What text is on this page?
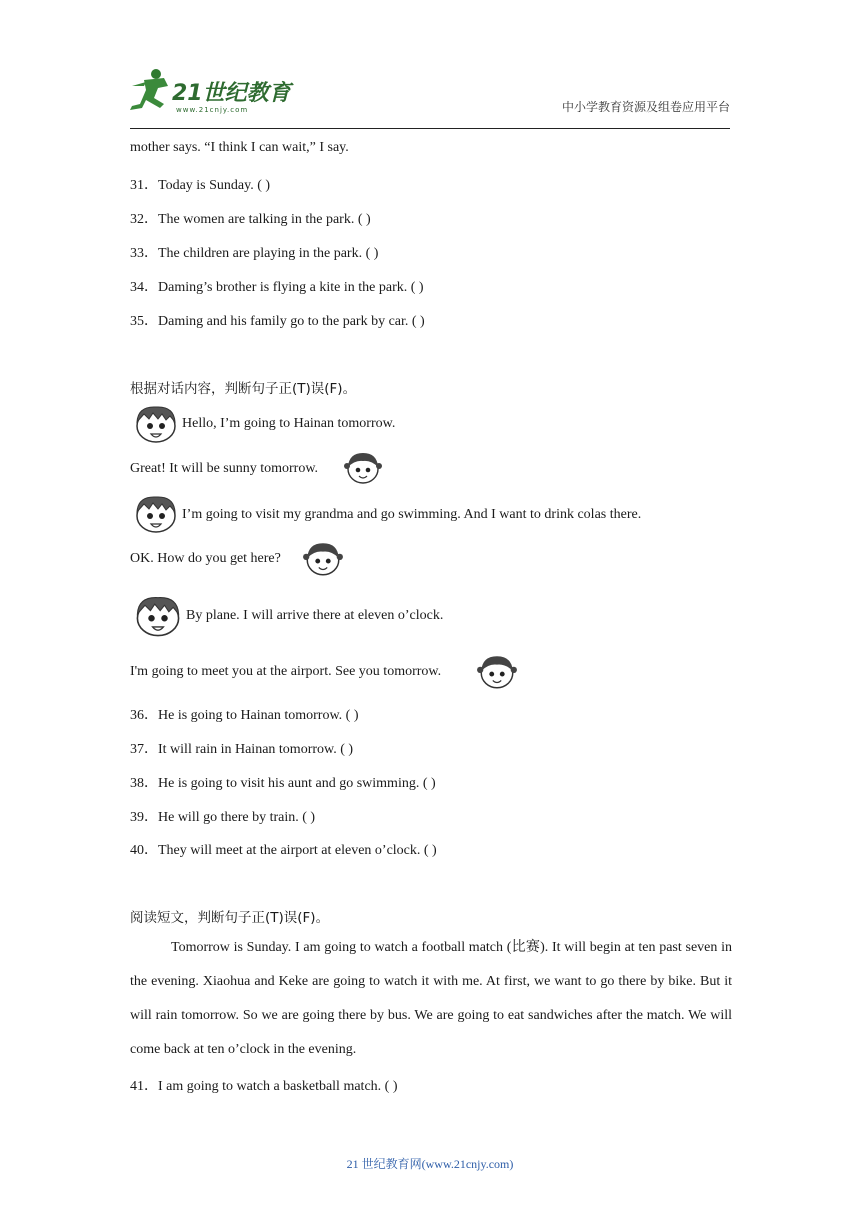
21世纪教育
www.21cnjy.com	中小学教育资源及组卷应用平台
mother says. “I think I can wait,” I say.
31．Today is Sunday. ( )
32．The women are talking in the park. ( )
33．The children are playing in the park. ( )
34．Daming’s brother is flying a kite in the park. ( )
35．Daming and his family go to the park by car. ( )
根据对话内容，判断句子正(T)误(F)。
Hello, I’m going to Hainan tomorrow.
Great! It will be sunny tomorrow.
I’m going to visit my grandma and go swimming. And I want to drink colas there.
OK. How do you get here?
By plane. I will arrive there at eleven o’clock.
I'm going to meet you at the airport. See you tomorrow.
36．He is going to Hainan tomorrow. ( )
37．It will rain in Hainan tomorrow. ( )
38．He is going to visit his aunt and go swimming. ( )
39．He will go there by train. ( )
40．They will meet at the airport at eleven o’clock. ( )
阅读短文，判断句子正(T)误(F)。
Tomorrow is Sunday. I am going to watch a football match (比赛). It will begin at ten past seven in the evening. Xiaohua and Keke are going to watch it with me. At first, we want to go there by bike. But it will rain tomorrow. So we are going there by bus. We are going to eat sandwiches after the match. We will come back at ten o’clock in the evening.
41．I am going to watch a basketball match. ( )
21 世纪教育网(www.21cnjy.com)
